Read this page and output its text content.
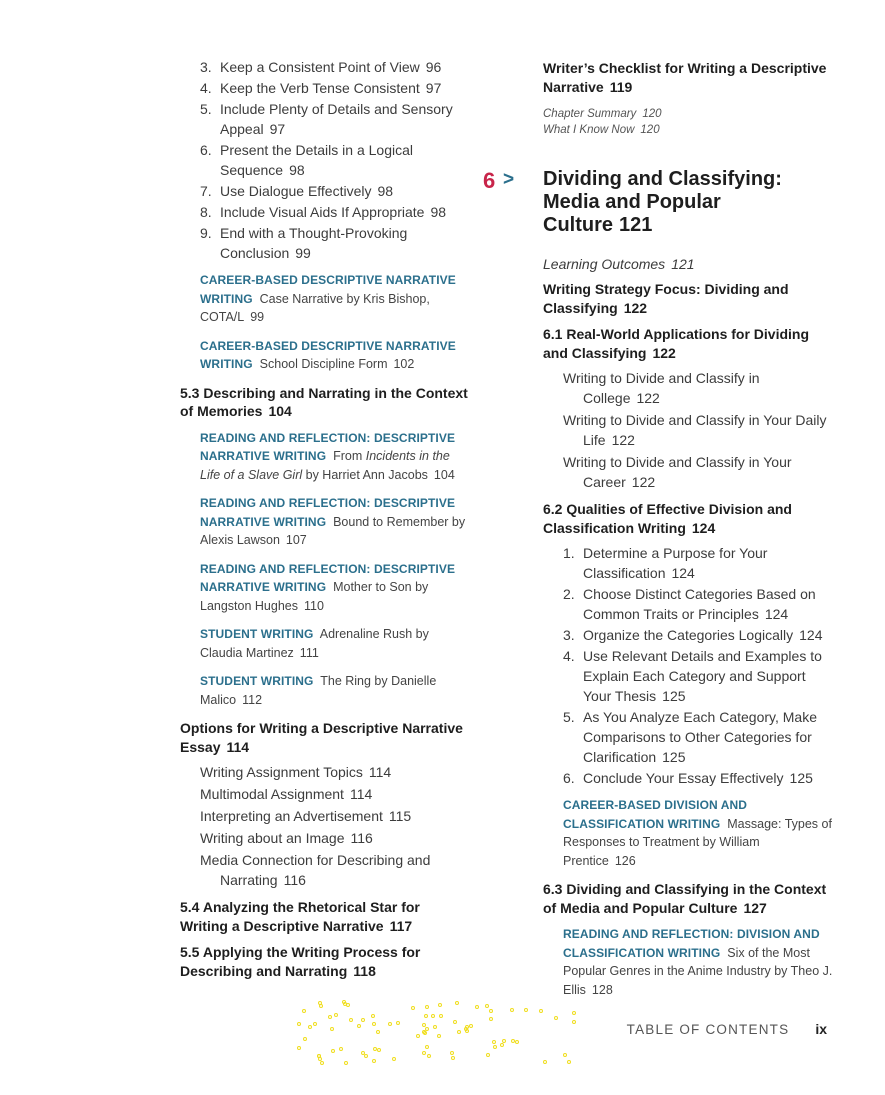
3. Keep a Consistent Point of View 96
4. Keep the Verb Tense Consistent 97
5. Include Plenty of Details and Sensory Appeal 97
6. Present the Details in a Logical Sequence 98
7. Use Dialogue Effectively 98
8. Include Visual Aids If Appropriate 98
9. End with a Thought-Provoking Conclusion 99
CAREER-BASED DESCRIPTIVE NARRATIVE WRITING Case Narrative by Kris Bishop, COTA/L 99
CAREER-BASED DESCRIPTIVE NARRATIVE WRITING School Discipline Form 102
5.3 Describing and Narrating in the Context of Memories 104
READING AND REFLECTION: DESCRIPTIVE NARRATIVE WRITING From Incidents in the Life of a Slave Girl by Harriet Ann Jacobs 104
READING AND REFLECTION: DESCRIPTIVE NARRATIVE WRITING Bound to Remember by Alexis Lawson 107
READING AND REFLECTION: DESCRIPTIVE NARRATIVE WRITING Mother to Son by Langston Hughes 110
STUDENT WRITING Adrenaline Rush by Claudia Martinez 111
STUDENT WRITING The Ring by Danielle Malico 112
Options for Writing a Descriptive Narrative Essay 114
Writing Assignment Topics 114
Multimodal Assignment 114
Interpreting an Advertisement 115
Writing about an Image 116
Media Connection for Describing and Narrating 116
5.4 Analyzing the Rhetorical Star for Writing a Descriptive Narrative 117
5.5 Applying the Writing Process for Describing and Narrating 118
Writer’s Checklist for Writing a Descriptive Narrative 119
Chapter Summary 120
What I Know Now 120
6 > Dividing and Classifying: Media and Popular Culture 121
Learning Outcomes 121
Writing Strategy Focus: Dividing and Classifying 122
6.1 Real-World Applications for Dividing and Classifying 122
Writing to Divide and Classify in College 122
Writing to Divide and Classify in Your Daily Life 122
Writing to Divide and Classify in Your Career 122
6.2 Qualities of Effective Division and Classification Writing 124
1. Determine a Purpose for Your Classification 124
2. Choose Distinct Categories Based on Common Traits or Principles 124
3. Organize the Categories Logically 124
4. Use Relevant Details and Examples to Explain Each Category and Support Your Thesis 125
5. As You Analyze Each Category, Make Comparisons to Other Categories for Clarification 125
6. Conclude Your Essay Effectively 125
CAREER-BASED DIVISION AND CLASSIFICATION WRITING Massage: Types of Responses to Treatment by William Prentice 126
6.3 Dividing and Classifying in the Context of Media and Popular Culture 127
READING AND REFLECTION: DIVISION AND CLASSIFICATION WRITING Six of the Most Popular Genres in the Anime Industry by Theo J. Ellis 128
TABLE OF CONTENTS ix
